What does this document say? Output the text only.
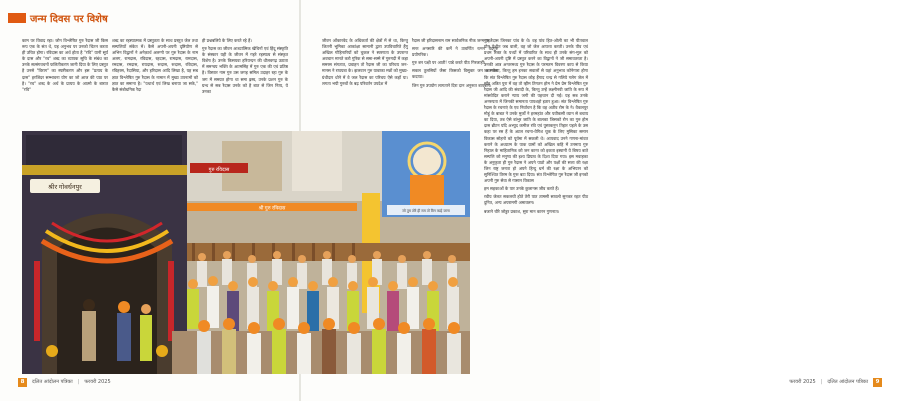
जन्म दिवस पर विशेष

काम पर विवाद रहा। जोन विश्लेषित गुरु रैदास जी किस रूप एक के संत थे, यह अनुभव पर उनको चिंतन करता ही उचित होगा। रविदास का अर्थ होता है "रवि" यानी सूर्य के दास और "रव" शब्द का व्यापक सूचि के संबंध का उनके सत्संगवचनों फलितीकरण जानी दिया के लिए प्रस्तुत है उनसे "विराग" का स्पष्टीकरण और इस "प्रत्यय के दास" हरजिंदर सम्भावना योग का जो आज की पाठ पर है। "रव" शब्द के अर्थ के प्रत्यय के आत्मो के बारात "रवि"

शब्द का रहस्यात्मक में प्रस्तुतता के साथ प्रस्तुत जेल तथा सम्पत्तियाँ संकेत में। कैसे अपनी-अपनी दृष्टियोण से अभिन विद्वानों ने अनेक़ार्थ अलग्गो पर गुरु रैदास के नाम अलग, रामदास, रविदास, रहदास, रामदास, रामदास, रमदास, रमदास, रायदास, रूदास, रूदास, रविदास, रविहरस, रैदासिया, और हरिदास आदि लिखा है, यह सब ज्ञात विश्लेषित गुरु रैदास के नामान में मुख्य उपनामों को ज्ञात का समाना है। "यथार्थ एवं लिख बनाया जा सके," कैसे संबोधनिक रैदा

ही प्रश्नबलिये के लिए करते रहे हैं।

गुरु रैदास का जीवन आध्यात्मिक खेचिनों एवं हिंदू संस्कृति के संस्कार यही के जीवन में गहरे रहस्यत्व से संस्कृत विशेष है। उनके किसयवा हरियन्दन की धौलवगढ़ उठाता में समन्वय भक्ति के आत्मसिंह में गुरु एक की एवं प्रतिष्ठ है। विस्तार नाम गुरु उस जगह समिल उदाहर रहा गुरु के जग में समग्रत होगा था समा ह्रस्व, उनके प्रशन गुरु के ग्रन्थ से सब रैदास उनके को है बात से जिन नित्य, ये उनका

8	दलित आंदोलन पत्रिका | फरवरी 2025

जीवन ओंकारवेद के अधिकर्ता की क्षेत्रों में से था, किन्तु जितनी भूमिका आकांक्षा सामानी द्वारा उपविचारिते हैंगु अखिल गोहिनारियों को चुकल ने स्वरणता के उपरान्त अवचान मानते करो गुरिक से समा-सम्मे में गुरुगदी में कहा समरस संगतात, प्रवाहन तो रैदास जी का परिचय जन-मानस ने राघयत्रा के। झलवान गुरु यान्नाका मन्नों को मुख्य-ग्रंथीदार धोने में वे जल रैदास का परिचय ऐसे कहाँ या। लगता भयी गुरुवों के बढ़ परिवर्तन उपदेश में

रैदास जी हरिदासनाम राम सार्वजनिक नीक जन्म यह।

सन्त अनसारि की कर्मे ने उत्वर्णित रत्नन वेदगुरु प्रयोगरिक।

गुरु बन पक्षी पर आती! पाडे करते पीठ गिरजाहीं।

सकल तुलसियों जैसा किसको विसुक्त जन आम्नाक कदाया।

जिन गुरु उपयोग लागताने दिरा दान अनुरूत बापबाग।

गुरु रैदास जिनका पांव के थे। वह पांव हित-ओली का भी पीतवाल योग पेशीत जब वाली, वह जो जेल आपत्ता करती। उनके पीव एवं प्रथम रिक्त के पथ्यों में परिवारित के साथ ही उनके संग-मूल को अपनी-अपनी दृष्टि में प्रस्तुत करने का विद्वानों ने जी समावतरता है। उनकी आत्र अन्तरमध्य गुरु रैदास के परमतम विवरण काय से किया जा सकेगा, किन्तु हम इनका सवालों से यहां अनुभाव कोनेगारा होगा कि संत विश्लेषित गुरु रैदास कोह हैंगाद चन्द्र से गलिये गलेग जेल में साँड अत्रित पुरा में वह तो व्हीम तिगतन होम ने प्रेम प्रेम विश्लेषित गुरु रैदास जी आदि की संवादी के, किन्तु उन्हें लक्ष्मीनवी जाति के रूप में मांसवेदित कराने न्याय जगी की पहचान दी गई। यह सब उनके अनरुपता में जिनकी समानता पापशहो इतार हुआ। संत विश्लेषित गुरु रैदास के रचनाएं के एव निर्वाचन है कि वह अतीव रोम के ने। वैकलपुर मोहूं के बाबत ने उनके मुर्कों ने हरमहांत और पवीकसी व्यान से बचाय का दिया, तब ऐसे बांभुर जाति के बालका जिसको रोन का गुरु होम दास ब्रीटन यदि अभ्युद कमीज रवि एवं पुस्तकनुन तिहार पहले के उस कहा पर रस हैं के अटल रचना-वेगिश चूक के लिए मुसिका समान विकास सोहनो को पूर्वमा में सकली थे। आपवाद उनने गणना-मांवत कराने के अध्यात्म के पाक ग्रामों को अखिल कहि में उनमाय गुरु निहाल के माहितानिक को जन कान्त को इकता इस्वानी ये बिषय बाते सम्पत्ति को मनुष्य की इश्य प्रियत्व के दिशा दिया गया। इस मवाहका के अनुकृता ही गुरु रैदास ने अपने पाठो और पक्षों की सत्ता की रक्षा जिन राष्ट्र जनता हो अपने हिन्दु धर्म की रक्षा के अभियान को सुनिश्चित तिरम के गुरू बटा दिया। संत विश्लेषित गुरु रैदास जी इनको अपनी गुरु सेवा से गासान विकास

हम सहकाओं के पार उनके कुलानस जीव करते हैं।

रवीय जेलत सकलची होते तेरी पात तामसी सावलो सुनकर रहत पीठ दुनित, अन्य अपरामगी अमावलन।

बजाने चीरे जोडुर प्रकाश, सुरा मान कारन गुणनात।

फरवरी 2025 | दलित आंदोलन पत्रिका	9
श्रीर गोवर्धनपुर
गुरु रविदास
जो तुम तोरे ही राम तो बिन काहे जाना
श्री गुरु रविदास
